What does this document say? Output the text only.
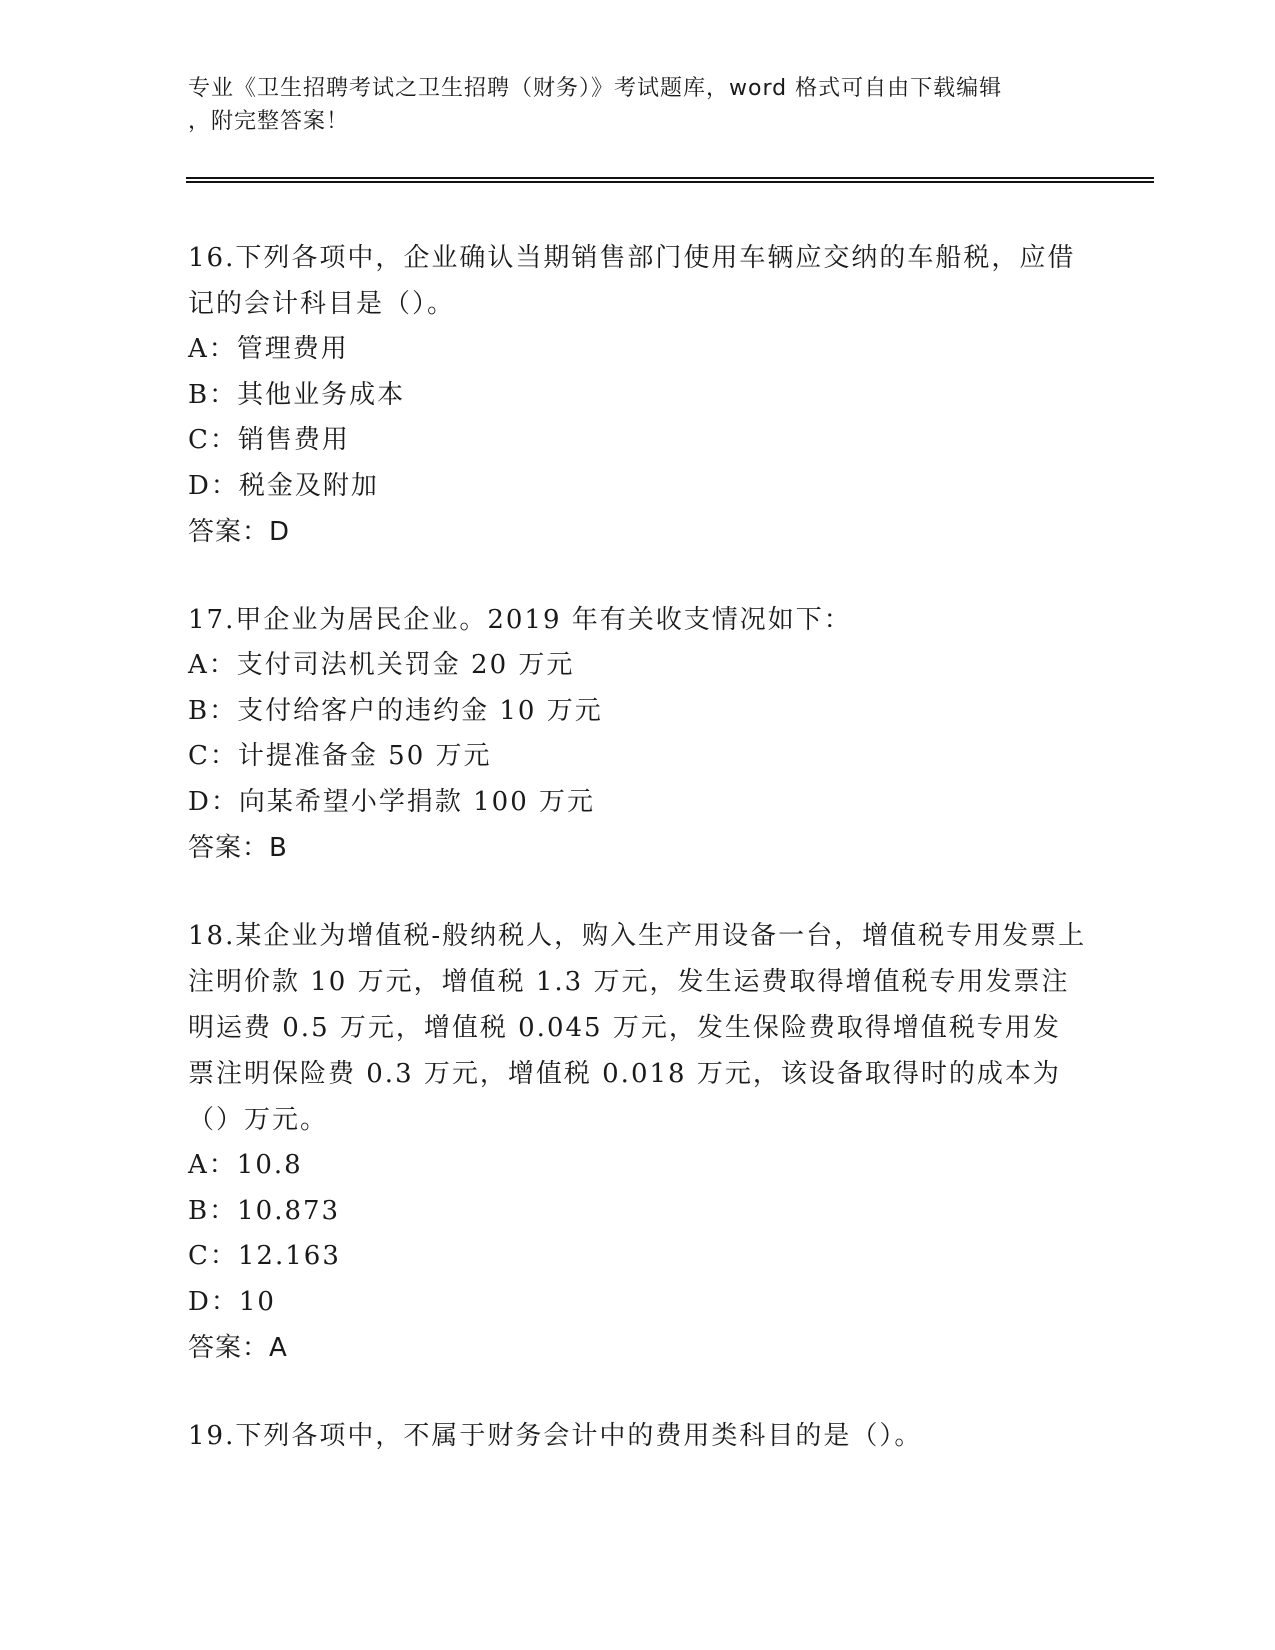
专业《卫生招聘考试之卫生招聘（财务）》考试题库，word 格式可自由下载编辑
，附完整答案！
16.下列各项中，企业确认当期销售部门使用车辆应交纳的车船税，应借记的会计科目是（）。
A：管理费用
B：其他业务成本
C：销售费用
D：税金及附加
答案：D
17.甲企业为居民企业。2019 年有关收支情况如下：
A：支付司法机关罚金 20 万元
B：支付给客户的违约金 10 万元
C：计提准备金 50 万元
D：向某希望小学捐款 100 万元
答案：B
18.某企业为增值税-般纳税人，购入生产用设备一台，增值税专用发票上注明价款 10 万元，增值税 1.3 万元，发生运费取得增值税专用发票注明运费 0.5 万元，增值税 0.045 万元，发生保险费取得增值税专用发票注明保险费 0.3 万元，增值税 0.018 万元，该设备取得时的成本为（）万元。
A：10.8
B：10.873
C：12.163
D：10
答案：A
19.下列各项中，不属于财务会计中的费用类科目的是（）。
